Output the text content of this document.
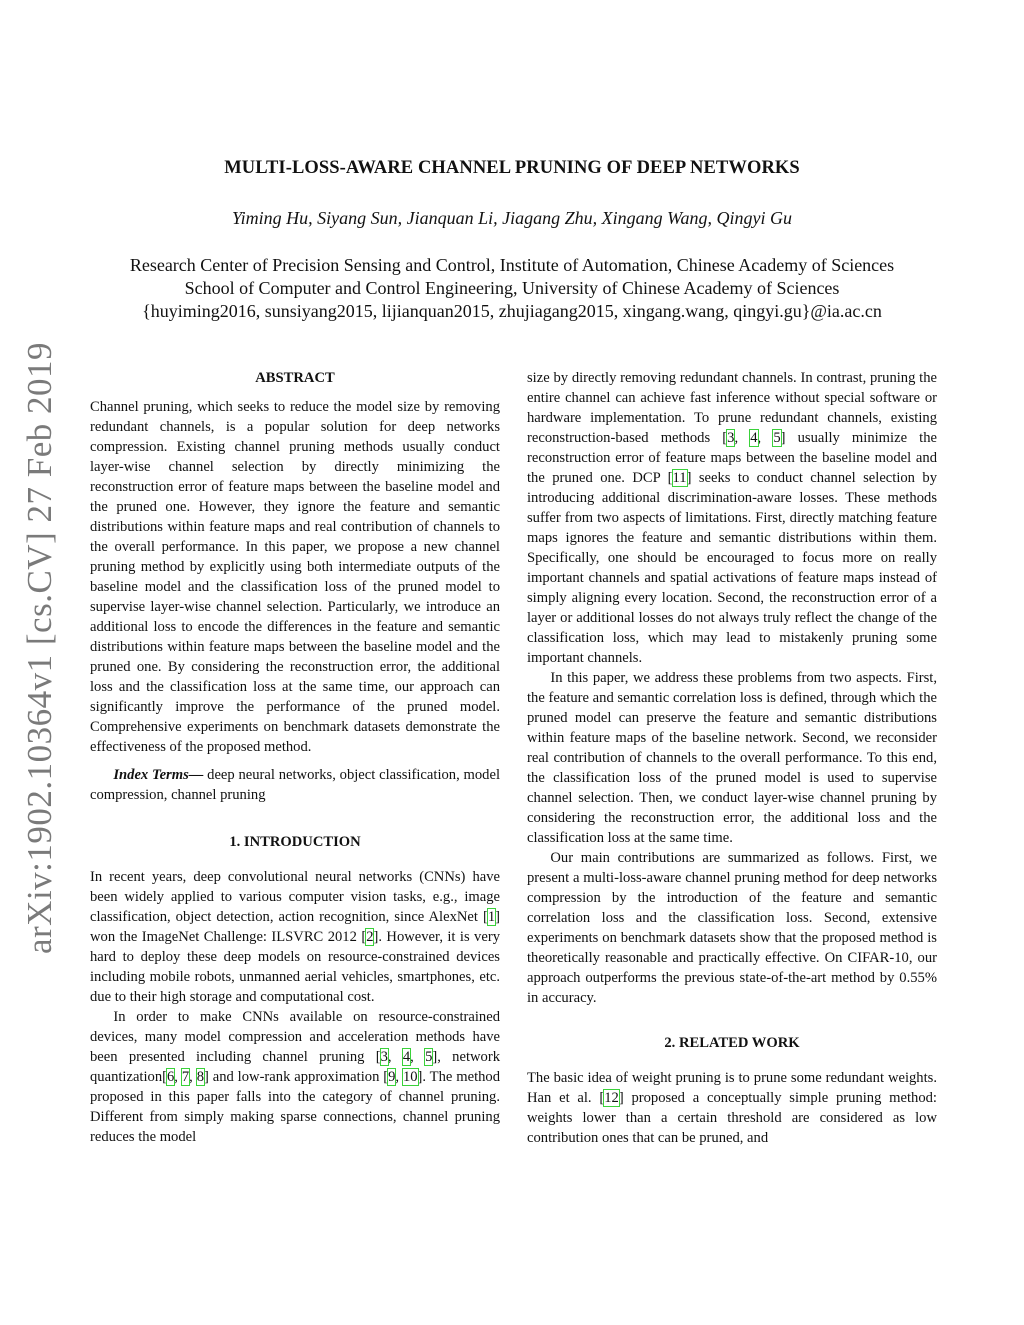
arXiv:1902.10364v1 [cs.CV] 27 Feb 2019
MULTI-LOSS-AWARE CHANNEL PRUNING OF DEEP NETWORKS
Yiming Hu, Siyang Sun, Jianquan Li, Jiagang Zhu, Xingang Wang, Qingyi Gu
Research Center of Precision Sensing and Control, Institute of Automation, Chinese Academy of Sciences
School of Computer and Control Engineering, University of Chinese Academy of Sciences
{huyiming2016, sunsiyang2015, lijianquan2015, zhujiagang2015, xingang.wang, qingyi.gu}@ia.ac.cn
ABSTRACT

Channel pruning, which seeks to reduce the model size by removing redundant channels, is a popular solution for deep networks compression. Existing channel pruning methods usually conduct layer-wise channel selection by directly minimizing the reconstruction error of feature maps between the baseline model and the pruned one. However, they ignore the feature and semantic distributions within feature maps and real contribution of channels to the overall performance. In this paper, we propose a new channel pruning method by explicitly using both intermediate outputs of the baseline model and the classification loss of the pruned model to supervise layer-wise channel selection. Particularly, we introduce an additional loss to encode the differences in the feature and semantic distributions within feature maps between the baseline model and the pruned one. By considering the reconstruction error, the additional loss and the classification loss at the same time, our approach can significantly improve the performance of the pruned model. Comprehensive experiments on benchmark datasets demonstrate the effectiveness of the proposed method.

Index Terms— deep neural networks, object classification, model compression, channel pruning

1. INTRODUCTION

In recent years, deep convolutional neural networks (CNNs) have been widely applied to various computer vision tasks, e.g., image classification, object detection, action recognition, since AlexNet [1] won the ImageNet Challenge: ILSVRC 2012 [2]. However, it is very hard to deploy these deep models on resource-constrained devices including mobile robots, unmanned aerial vehicles, smartphones, etc. due to their high storage and computational cost.

In order to make CNNs available on resource-constrained devices, many model compression and acceleration methods have been presented including channel pruning [3, 4, 5], network quantization[6, 7, 8] and low-rank approximation [9, 10]. The method proposed in this paper falls into the category of channel pruning. Different from simply making sparse connections, channel pruning reduces the model

size by directly removing redundant channels. In contrast, pruning the entire channel can achieve fast inference without special software or hardware implementation. To prune redundant channels, existing reconstruction-based methods [3, 4, 5] usually minimize the reconstruction error of feature maps between the baseline model and the pruned one. DCP [11] seeks to conduct channel selection by introducing additional discrimination-aware losses. These methods suffer from two aspects of limitations. First, directly matching feature maps ignores the feature and semantic distributions within them. Specifically, one should be encouraged to focus more on really important channels and spatial activations of feature maps instead of simply aligning every location. Second, the reconstruction error of a layer or additional losses do not always truly reflect the change of the classification loss, which may lead to mistakenly pruning some important channels.

In this paper, we address these problems from two aspects. First, the feature and semantic correlation loss is defined, through which the pruned model can preserve the feature and semantic distributions within feature maps of the baseline network. Second, we reconsider real contribution of channels to the overall performance. To this end, the classification loss of the pruned model is used to supervise channel selection. Then, we conduct layer-wise channel pruning by considering the reconstruction error, the additional loss and the classification loss at the same time.

Our main contributions are summarized as follows. First, we present a multi-loss-aware channel pruning method for deep networks compression by the introduction of the feature and semantic correlation loss and the classification loss. Second, extensive experiments on benchmark datasets show that the proposed method is theoretically reasonable and practically effective. On CIFAR-10, our approach outperforms the previous state-of-the-art method by 0.55% in accuracy.

2. RELATED WORK

The basic idea of weight pruning is to prune some redundant weights. Han et al. [12] proposed a conceptually simple pruning method: weights lower than a certain threshold are considered as low contribution ones that can be pruned, and
